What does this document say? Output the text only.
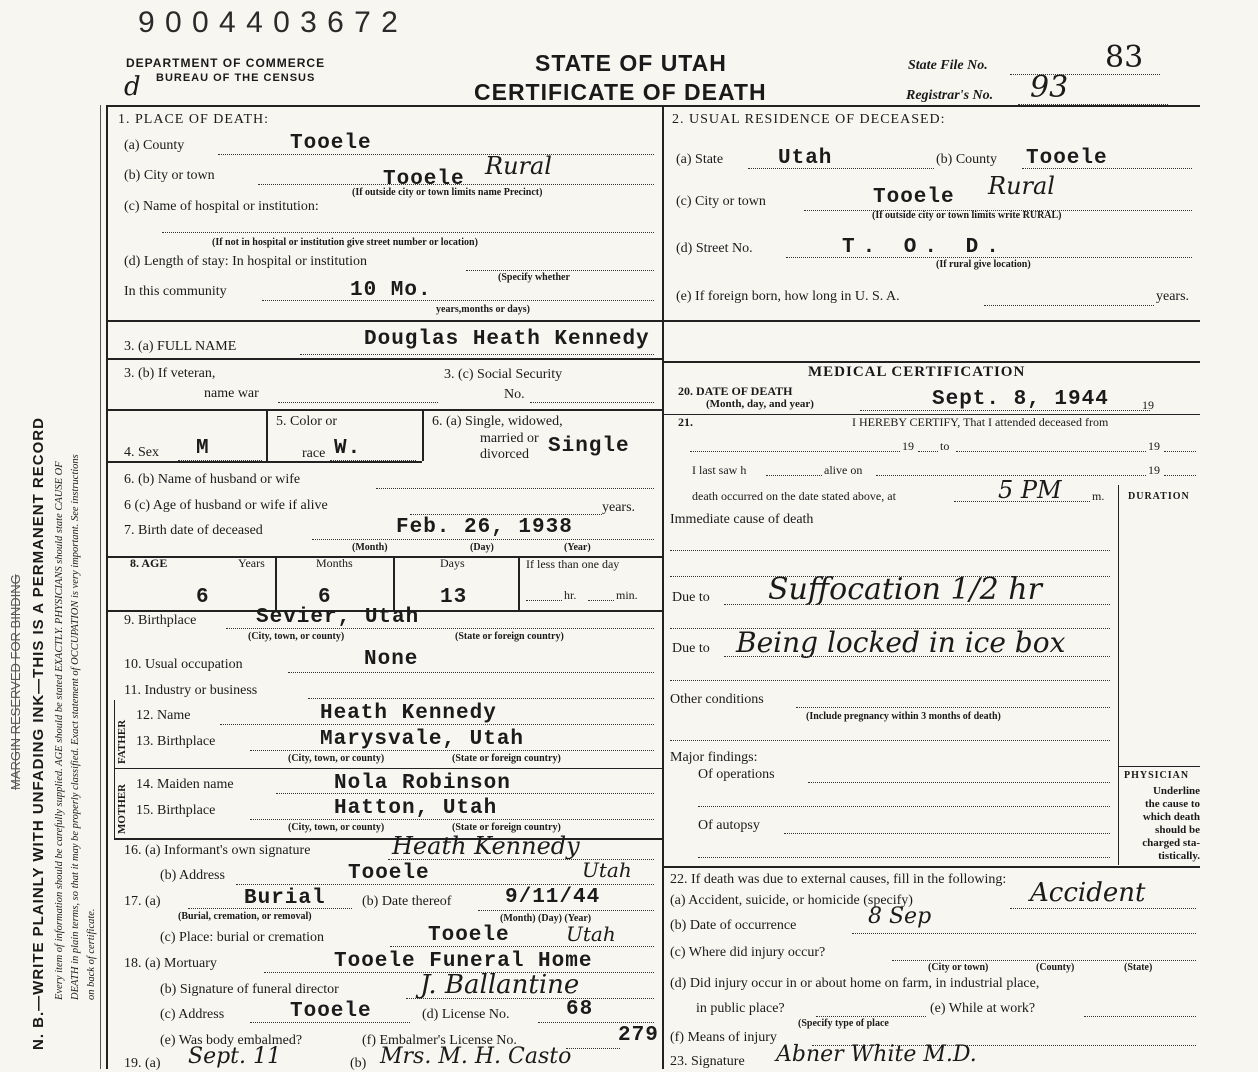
9 0 0 4 4 0 3 6 7 2
N. B.—WRITE PLAINLY WITH UNFADING INK—THIS IS A PERMANENT RECORD
MARGIN RESERVED FOR BINDING	Every item of information should be carefully supplied. AGE should be stated EXACTLY. PHYSICIANS should state CAUSE OF DEATH in plain terms, so that it may be properly classified. Exact statement of OCCUPATION is very important. See instructions on back of certificate.
DEPARTMENT OF COMMERCE
BUREAU OF THE CENSUS
d
STATE OF UTAH
CERTIFICATE OF DEATH
State File No.	83
Registrar's No. 93
1. PLACE OF DEATH:
(a) County	Tooele
(b) City or town	Tooele Rural
(If outside city or town limits name Precinct)
(c) Name of hospital or institution:
(If not in hospital or institution give street number or location)
(d) Length of stay: In hospital or institution
(Specify whether
In this community	10 Mo.
years,months or days)
2. USUAL RESIDENCE OF DECEASED:
(a) State	Utah	(b) County Tooele
(c) City or town	Tooele Rural
(If outside city or town limits write RURAL)
(d) Street No.	T. O. D.
(If rural give location)
(e) If foreign born, how long in U. S. A.	years.
3. (a) FULL NAME	Douglas Heath Kennedy
3. (b) If veteran,
name war
3. (c) Social Security
No.
4. Sex M
5. Color or
race W.
6. (a) Single, widowed,
married or
divorced Single
6. (b) Name of husband or wife
6 (c) Age of husband or wife if alive	years.
7. Birth date of deceased	Feb. 26, 1938
(Month)	(Day)	(Year)
8. AGE	Years	Months	Days	If less than one day
6	6	13	hr.	min.
9. Birthplace	Sevier, Utah
(City, town, or county)	(State or foreign country)
10. Usual occupation	None
11. Industry or business
FATHER
12. Name	Heath Kennedy
13. Birthplace	Marysvale, Utah
(City, town, or county)	(State or foreign country)
MOTHER 14. Maiden name	Nola Robinson
15. Birthplace	Hatton, Utah
(City, town, or county)	(State or foreign country)
16. (a) Informant's own signature	Heath Kennedy
(b) Address	Tooele	Utah
17. (a)	Burial
(Burial, cremation, or removal)
(b) Date thereof	9/11/44
(Month) (Day) (Year)
(c) Place: burial or cremation	Tooele	Utah
18. (a) Mortuary	Tooele Funeral Home
(b) Signature of funeral director	J. Ballantine
(c) Address	Tooele	(d) License No.	68
(e) Was body embalmed?	(f) Embalmer's License No.	279
19. (a) Sept. 11	(b) Mrs. M. H. Casto
MEDICAL CERTIFICATION
20. DATE OF DEATH
(Month, day, and year)	Sept. 8, 1944	19
21.	I HEREBY CERTIFY, That I attended deceased from
19 to	19
I last saw h	alive on	19
death occurred on the date stated above, at	5 PM	m. DURATION
Immediate cause of death
Due to Suffocation 1/2 hr
Due to Being locked in ice box
Other conditions
(Include pregnancy within 3 months of death)
Major findings:
Of operations
Of autopsy
PHYSICIAN
Underline
the cause to
which death
should be
charged sta-
tistically.
22. If death was due to external causes, fill in the following:
(a) Accident, suicide, or homicide (specify)	Accident
(b) Date of occurrence	8 Sep
(c) Where did injury occur?
(City or town)	(County)	(State)
(d) Did injury occur in or about home on farm, in industrial place,
in public place?
(Specify type of place
(e) While at work?
(f) Means of injury
23. Signature Abner White M.D.
